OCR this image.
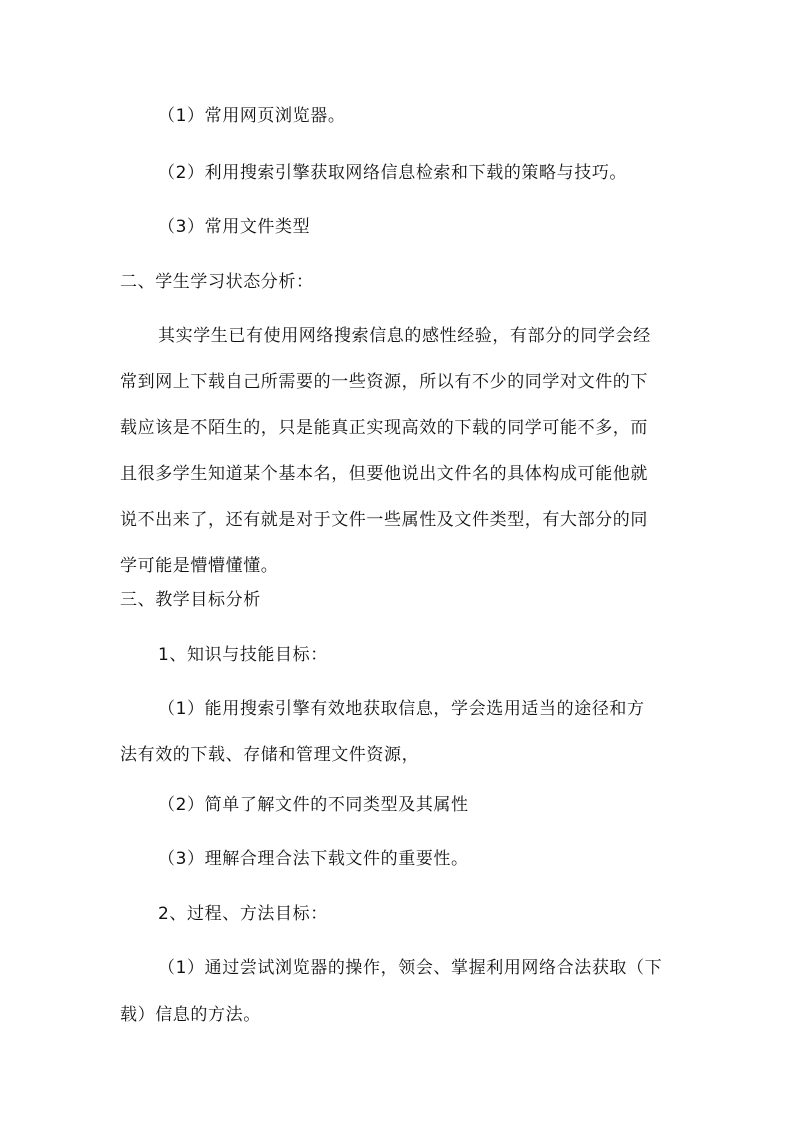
（1）常用网页浏览器。
（2）利用搜索引擎获取网络信息检索和下载的策略与技巧。
（3）常用文件类型
二、学生学习状态分析：
其实学生已有使用网络搜索信息的感性经验，有部分的同学会经
常到网上下载自己所需要的一些资源，所以有不少的同学对文件的下
载应该是不陌生的，只是能真正实现高效的下载的同学可能不多，而
且很多学生知道某个基本名，但要他说出文件名的具体构成可能他就
说不出来了，还有就是对于文件一些属性及文件类型，有大部分的同
学可能是懵懵懂懂。
三、教学目标分析
1、知识与技能目标：
（1）能用搜索引擎有效地获取信息，学会选用适当的途径和方
法有效的下载、存储和管理文件资源，
（2）简单了解文件的不同类型及其属性
（3）理解合理合法下载文件的重要性。
2、过程、方法目标：
（1）通过尝试浏览器的操作，领会、掌握利用网络合法获取（下
载）信息的方法。
